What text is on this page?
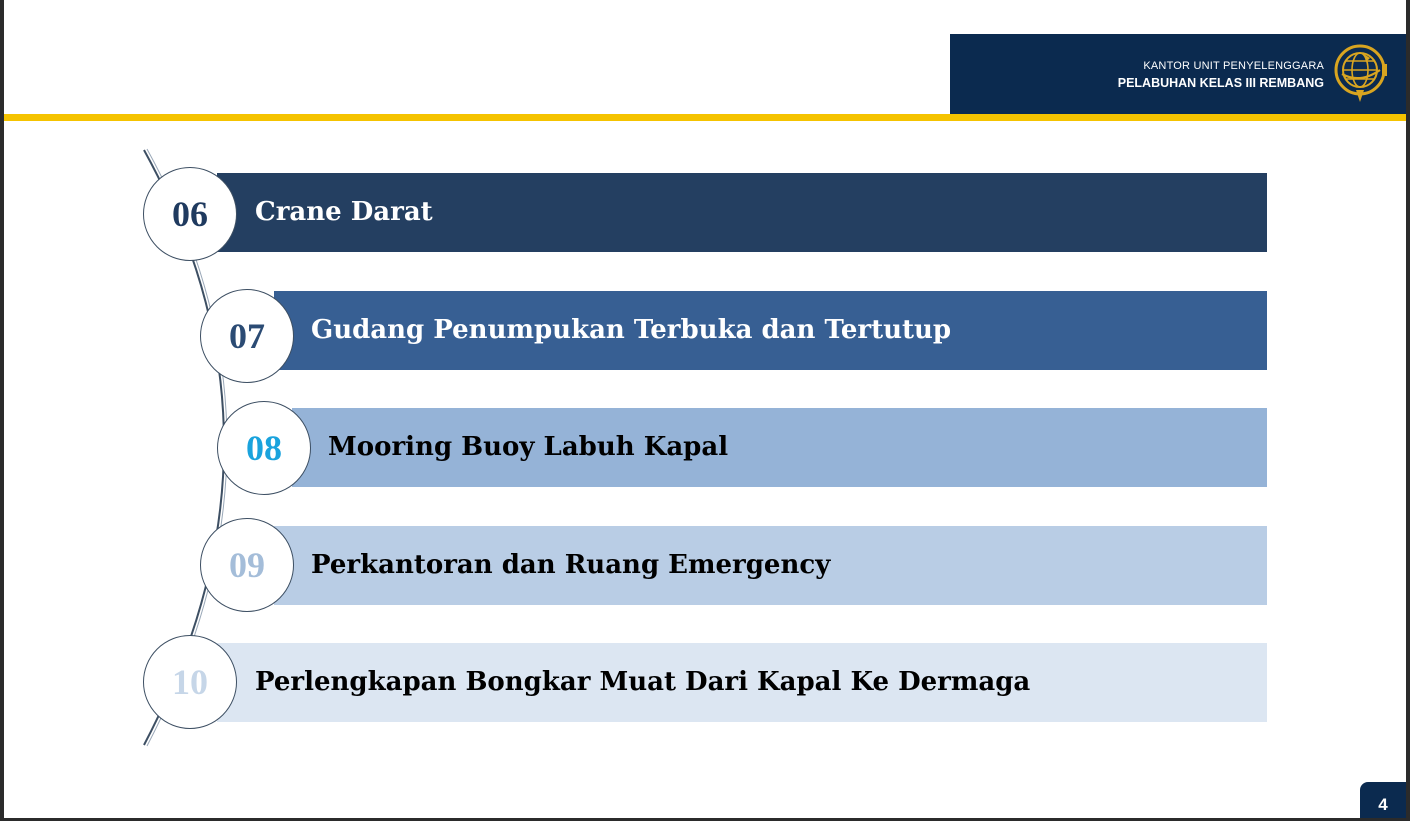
KANTOR UNIT PENYELENGGARA
PELABUHAN KELAS III REMBANG
Crane Darat
06
Gudang Penumpukan Terbuka dan Tertutup
07
Mooring Buoy Labuh Kapal
08
Perkantoran dan Ruang Emergency
09
Perlengkapan Bongkar Muat Dari Kapal Ke Dermaga
10
4
